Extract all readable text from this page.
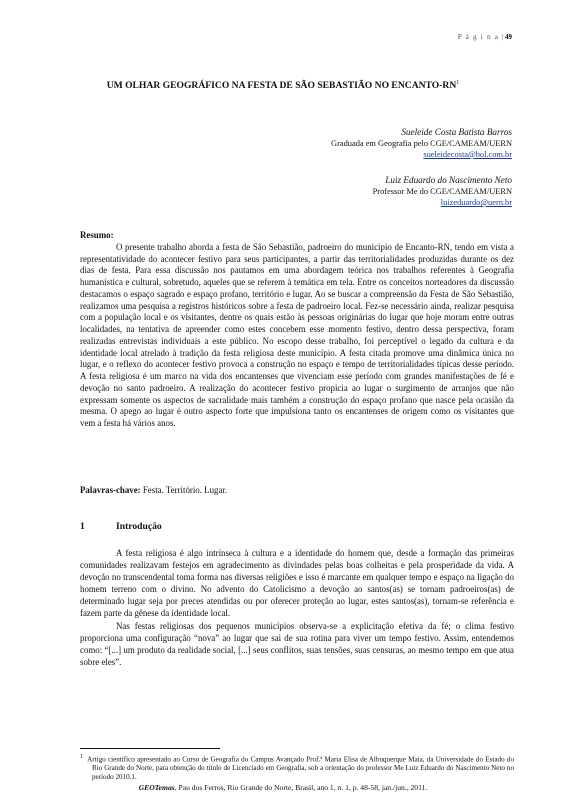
P á g i n a |49
UM OLHAR GEOGRÁFICO NA FESTA DE SÃO SEBASTIÃO NO ENCANTO-$RN^1$
Sueleide Costa Batista Barros
Graduada em Geografia pelo CGE/CAMEAM/UERN
sueleidecosta@bol.com.br
Luiz Eduardo do Nascimento Neto
Professor Me do CGE/CAMEAM/UERN
luizeduardo@uern.br
Resumo:

O presente trabalho aborda a festa de São Sebastião, padroeiro do município de Encanto-RN, tendo em vista a representatividade do acontecer festivo para seus participantes, a partir das territorialidades produzidas durante os dez dias de festa. Para essa discussão nos pautamos em uma abordagem teórica nos trabalhos referentes à Geografia humanística e cultural, sobretudo, aqueles que se referem à temática em tela. Entre os conceitos norteadores da discussão destacamos o espaço sagrado e espaço profano, território e lugar. Ao se buscar a compreensão da Festa de São Sebastião, realizamos uma pesquisa a registros históricos sobre a festa de padroeiro local. Fez-se necessário ainda, realizar pesquisa com a população local e os visitantes, dentre os quais estão às pessoas originárias do lugar que hoje moram entre outras localidades, na tentativa de apreender como estes concebem esse momento festivo, dentro dessa perspectiva, foram realizadas entrevistas individuais a este público. No escopo desse trabalho, foi perceptível o legado da cultura e da identidade local atrelado à tradição da festa religiosa deste município. A festa citada promove uma dinâmica única no lugar, e o reflexo do acontecer festivo provoca a construção no espaço e tempo de territorialidades típicas desse período. A festa religiosa é um marco na vida dos encantenses que vivenciam esse período com grandes manifestações de fé e devoção no santo padroeiro. A realização do acontecer festivo propicia ao lugar o surgimento de arranjos que não expressam somente os aspectos de sacralidade mais também a construção do espaço profano que nasce pela ocasião da mesma. O apego ao lugar é outro aspecto forte que impulsiona tanto os encantenses de origem como os visitantes que vem a festa há vários anos.

Palavras-chave: Festa. Território. Lugar.
1	Introdução

A festa religiosa é algo intrínseca à cultura e a identidade do homem que, desde a formação das primeiras comunidades realizavam festejos em agradecimento as divindades pelas boas colheitas e pela prosperidade da vida. A devoção no transcendental toma forma nas diversas religiões e isso é marcante em qualquer tempo e espaço na ligação do homem terreno com o divino. No advento do Catolicismo a devoção ao santos(as) se tornam padroeiros(as) de determinado lugar seja por preces atendidas ou por oferecer proteção ao lugar, estes santos(as), tornam-se referência e fazem parte da gênese da identidade local.

Nas festas religiosas dos pequenos municípios observa-se a explicitação efetiva da fé; o clima festivo proporciona uma configuração “nova” ao lugar que sai de sua rotina para viver um tempo festivo. Assim, entendemos como: “[...] um produto da realidade social, [...] seus conflitos, suas tensões, suas censuras, ao mesmo tempo em que atua sobre eles”.

$^1$ Artigo científico apresentado ao Curso de Geografia do Campus Avançado Prof.ª Maria Elisa de Albuquerque Maia, da Universidade do Estado do Rio Grande do Norte, para obtenção do título de Licenciado em Geografia, sob a orientação do professor Me Luiz Eduardo do Nascimento Neto no período 2010.1.
GEOTemas, Pau dos Ferros, Rio Grande do Norte, Brasil, ano 1, n. 1, p. 48-58, jan./jun., 2011.
